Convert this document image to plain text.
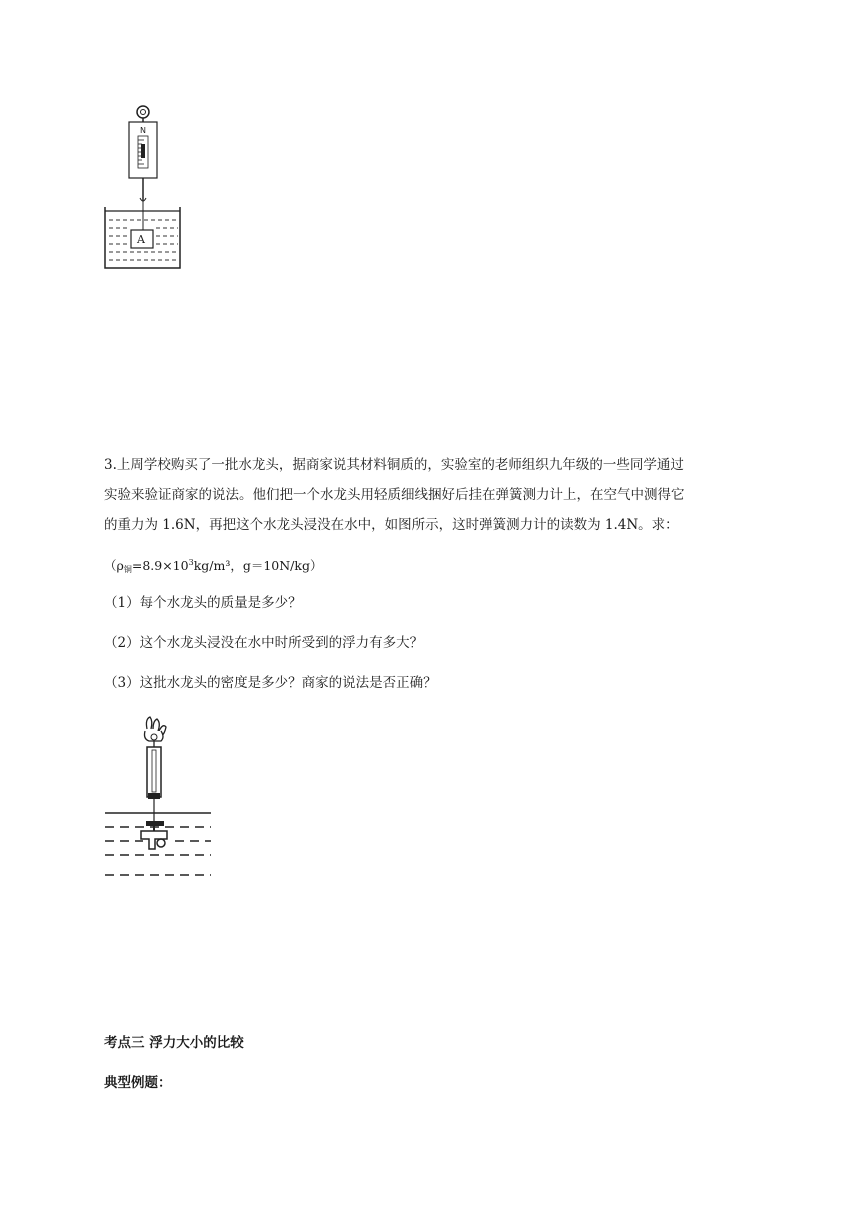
N
A
3.上周学校购买了一批水龙头，据商家说其材料铜质的，实验室的老师组织九年级的一些同学通过
实验来验证商家的说法。他们把一个水龙头用轻质细线捆好后挂在弹簧测力计上，在空气中测得它
的重力为 1.6N，再把这个水龙头浸没在水中，如图所示，这时弹簧测力计的读数为 1.4N。求：
（$\rho_铜=8.9\times 10^3kg/m^3$，g＝10N/kg）
（1）每个水龙头的质量是多少？
（2）这个水龙头浸没在水中时所受到的浮力有多大？
（3）这批水龙头的密度是多少？商家的说法是否正确？
考点三 浮力大小的比较
典型例题：
